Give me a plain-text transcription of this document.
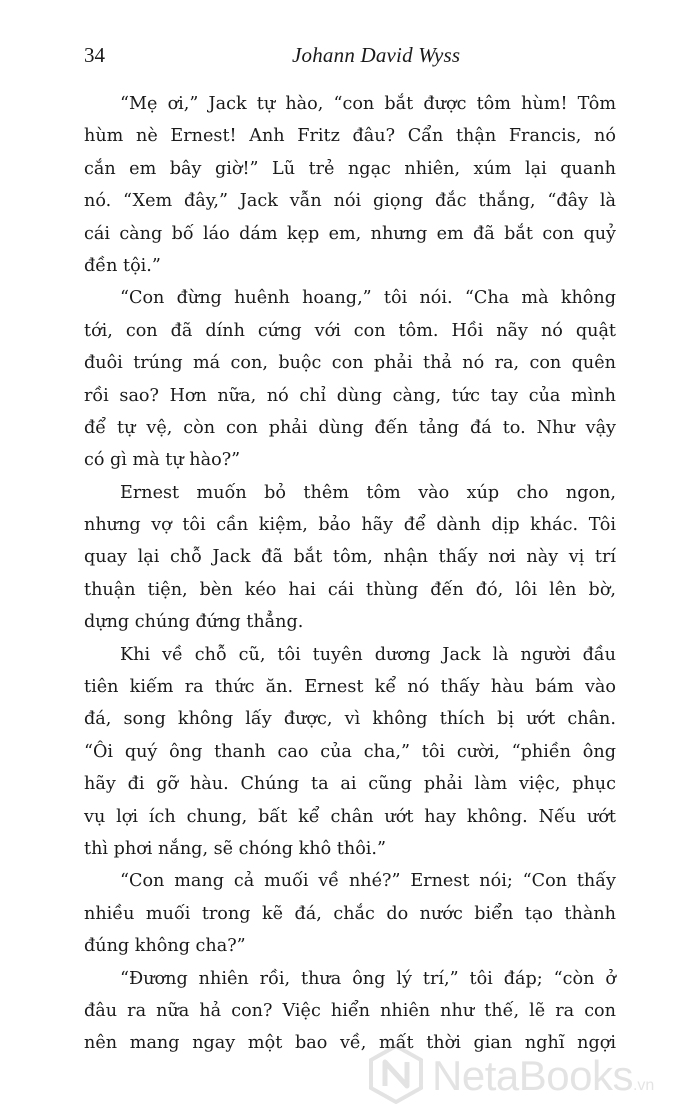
34	Johann David Wyss
“Mẹ ơi,” Jack tự hào, “con bắt được tôm hùm! Tôm
hùm nè Ernest! Anh Fritz đâu? Cẩn thận Francis, nó
cắn em bây giờ!” Lũ trẻ ngạc nhiên, xúm lại quanh
nó. “Xem đây,” Jack vẫn nói giọng đắc thắng, “đây là
cái càng bố láo dám kẹp em, nhưng em đã bắt con quỷ
đền tội.”
“Con đừng huênh hoang,” tôi nói. “Cha mà không
tới, con đã dính cứng với con tôm. Hồi nãy nó quật
đuôi trúng má con, buộc con phải thả nó ra, con quên
rồi sao? Hơn nữa, nó chỉ dùng càng, tức tay của mình
để tự vệ, còn con phải dùng đến tảng đá to. Như vậy
có gì mà tự hào?”
Ernest muốn bỏ thêm tôm vào xúp cho ngon,
nhưng vợ tôi cần kiệm, bảo hãy để dành dịp khác. Tôi
quay lại chỗ Jack đã bắt tôm, nhận thấy nơi này vị trí
thuận tiện, bèn kéo hai cái thùng đến đó, lôi lên bờ,
dựng chúng đứng thẳng.
Khi về chỗ cũ, tôi tuyên dương Jack là người đầu
tiên kiếm ra thức ăn. Ernest kể nó thấy hàu bám vào
đá, song không lấy được, vì không thích bị ướt chân.
“Ôi quý ông thanh cao của cha,” tôi cười, “phiền ông
hãy đi gỡ hàu. Chúng ta ai cũng phải làm việc, phục
vụ lợi ích chung, bất kể chân ướt hay không. Nếu ướt
thì phơi nắng, sẽ chóng khô thôi.”
“Con mang cả muối về nhé?” Ernest nói; “Con thấy
nhiều muối trong kẽ đá, chắc do nước biển tạo thành
đúng không cha?”
“Đương nhiên rồi, thưa ông lý trí,” tôi đáp; “còn ở
đâu ra nữa hả con? Việc hiển nhiên như thế, lẽ ra con
nên mang ngay một bao về, mất thời gian nghĩ ngợi
NetaBooks.vn
